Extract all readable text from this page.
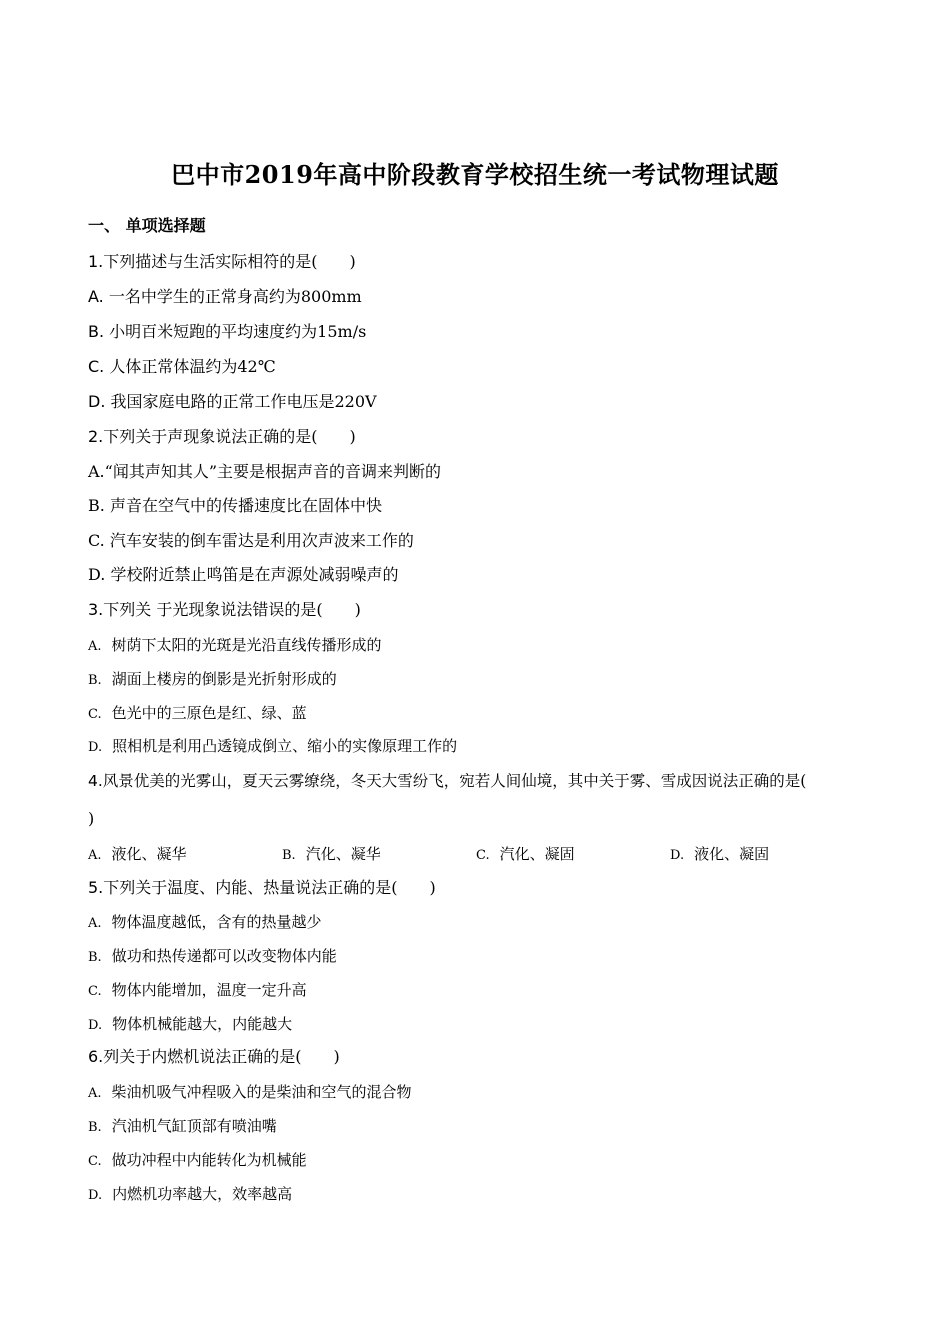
巴中市2019年高中阶段教育学校招生统一考试物理试题
一、 单项选择题
1.下列描述与生活实际相符的是(　　)
A. 一名中学生的正常身高约为800mm
B. 小明百米短跑的平均速度约为15m/s
C. 人体正常体温约为42℃
D. 我国家庭电路的正常工作电压是220V
2.下列关于声现象说法正确的是(　　)
A.“闻其声知其人”主要是根据声音的音调来判断的
B. 声音在空气中的传播速度比在固体中快
C. 汽车安装的倒车雷达是利用次声波来工作的
D. 学校附近禁止鸣笛是在声源处减弱噪声的
3.下列关 于光现象说法错误的是(　　)
A. 树荫下太阳的光斑是光沿直线传播形成的
B. 湖面上楼房的倒影是光折射形成的
C. 色光中的三原色是红、绿、蓝
D. 照相机是利用凸透镜成倒立、缩小的实像原理工作的
4.风景优美的光雾山，夏天云雾缭绕，冬天大雪纷飞，宛若人间仙境，其中关于雾、雪成因说法正确的是(
)
A. 液化、凝华	B. 汽化、凝华	C. 汽化、凝固	D. 液化、凝固
5.下列关于温度、内能、热量说法正确的是(　　)
A. 物体温度越低，含有的热量越少
B. 做功和热传递都可以改变物体内能
C. 物体内能增加，温度一定升高
D. 物体机械能越大，内能越大
6.列关于内燃机说法正确的是(　　)
A. 柴油机吸气冲程吸入的是柴油和空气的混合物
B. 汽油机气缸顶部有喷油嘴
C. 做功冲程中内能转化为机械能
D. 内燃机功率越大，效率越高
